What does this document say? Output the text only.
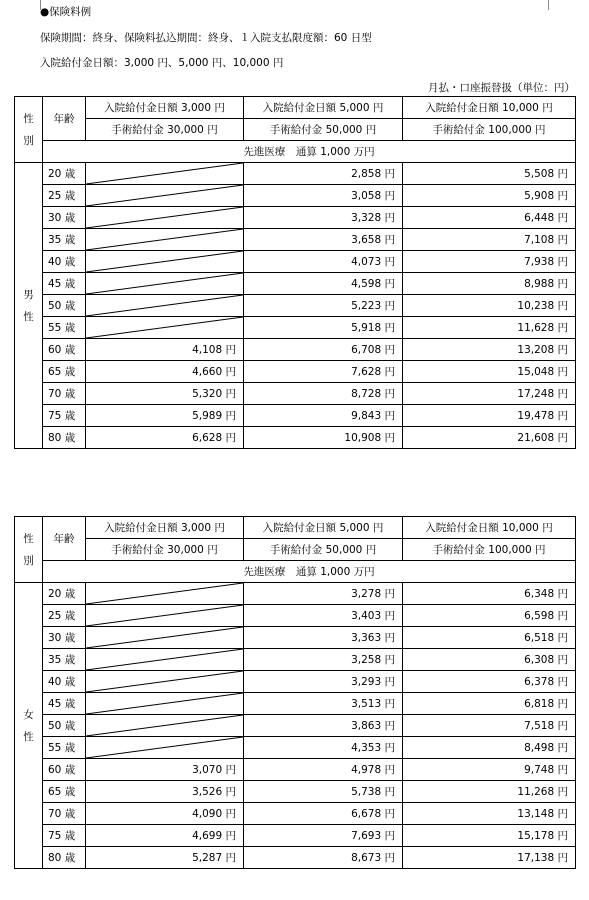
●保険料例
保険期間：終身、保険料払込期間：終身、１入院支払限度額：60 日型
入院給付金日額：3,000 円、5,000 円、10,000 円
月払・口座振替扱（単位：円）
性
別	年齢	入院給付金日額 3,000 円	入院給付金日額 5,000 円	入院給付金日額 10,000 円
		手術給付金 30,000 円	手術給付金 50,000 円	手術給付金 100,000 円
	先進医療　通算 1,000 万円			

男
性	20 歳		2,858 円	5,508 円
	25 歳		3,058 円	5,908 円
	30 歳		3,328 円	6,448 円
	35 歳		3,658 円	7,108 円
	40 歳		4,073 円	7,938 円
	45 歳		4,598 円	8,988 円
	50 歳		5,223 円	10,238 円
	55 歳		5,918 円	11,628 円
	60 歳	4,108 円	6,708 円	13,208 円
	65 歳	4,660 円	7,628 円	15,048 円
	70 歳	5,320 円	8,728 円	17,248 円
	75 歳	5,989 円	9,843 円	19,478 円
	80 歳	6,628 円	10,908 円	21,608 円
性
別	年齢	入院給付金日額 3,000 円	入院給付金日額 5,000 円	入院給付金日額 10,000 円
		手術給付金 30,000 円	手術給付金 50,000 円	手術給付金 100,000 円
	先進医療　通算 1,000 万円			

女
性	20 歳		3,278 円	6,348 円
	25 歳		3,403 円	6,598 円
	30 歳		3,363 円	6,518 円
	35 歳		3,258 円	6,308 円
	40 歳		3,293 円	6,378 円
	45 歳		3,513 円	6,818 円
	50 歳		3,863 円	7,518 円
	55 歳		4,353 円	8,498 円
	60 歳	3,070 円	4,978 円	9,748 円
	65 歳	3,526 円	5,738 円	11,268 円
	70 歳	4,090 円	6,678 円	13,148 円
	75 歳	4,699 円	7,693 円	15,178 円
	80 歳	5,287 円	8,673 円	17,138 円
